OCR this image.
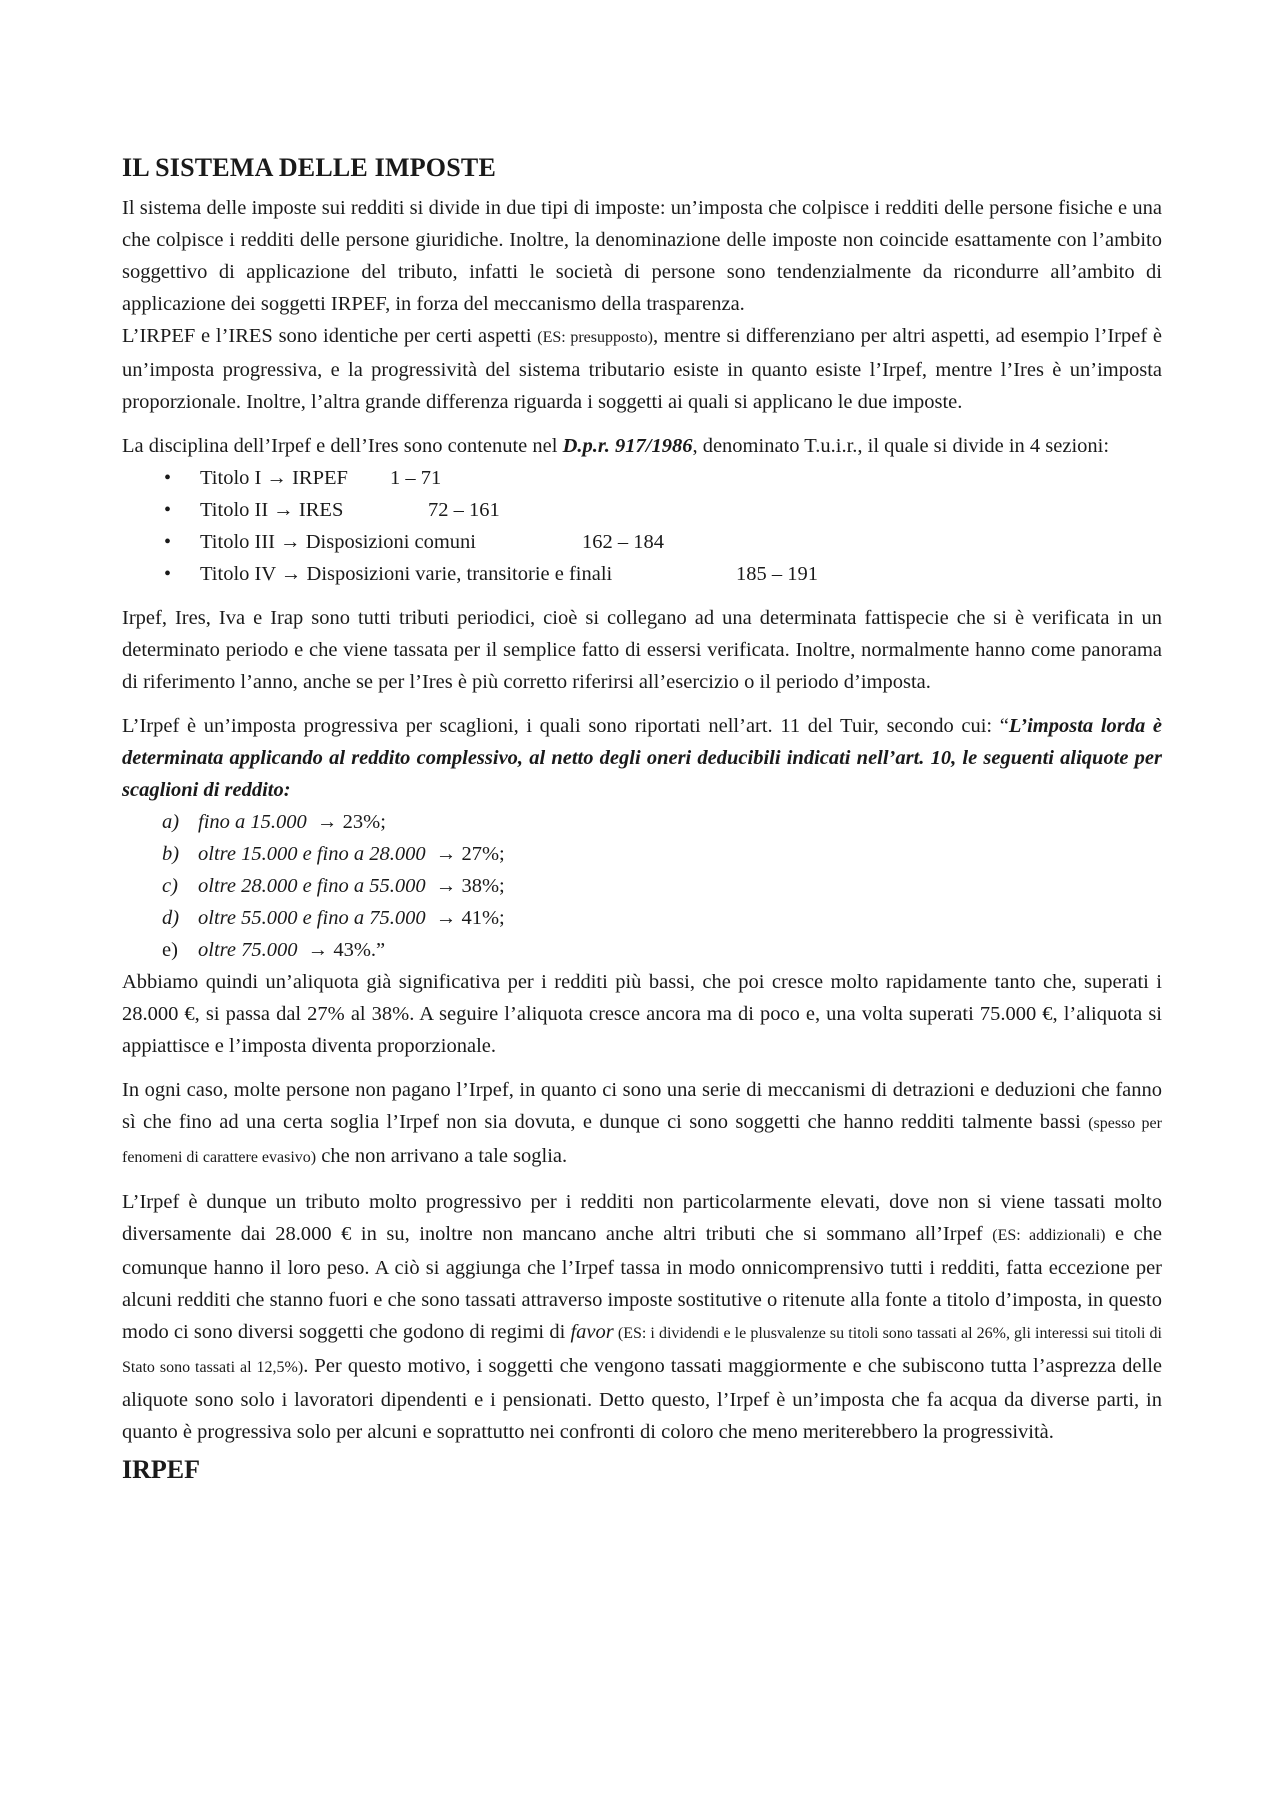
IL SISTEMA DELLE IMPOSTE

Il sistema delle imposte sui redditi si divide in due tipi di imposte: un’imposta che colpisce i redditi delle persone fisiche e una che colpisce i redditi delle persone giuridiche. Inoltre, la denominazione delle imposte non coincide esattamente con l’ambito soggettivo di applicazione del tributo, infatti le società di persone sono tendenzialmente da ricondurre all’ambito di applicazione dei soggetti IRPEF, in forza del meccanismo della trasparenza.

L’IRPEF e l’IRES sono identiche per certi aspetti (ES: presupposto), mentre si differenziano per altri aspetti, ad esempio l’Irpef è un’imposta progressiva, e la progressività del sistema tributario esiste in quanto esiste l’Irpef, mentre l’Ires è un’imposta proporzionale. Inoltre, l’altra grande differenza riguarda i soggetti ai quali si applicano le due imposte.

La disciplina dell’Irpef e dell’Ires sono contenute nel D.p.r. 917/1986, denominato T.u.i.r., il quale si divide in 4 sezioni:

• Titolo I → IRPEF 1 – 71
• Titolo II → IRES	72 – 161
• Titolo III → Disposizioni comuni	162 – 184
• Titolo IV → Disposizioni varie, transitorie e finali	185 – 191

Irpef, Ires, Iva e Irap sono tutti tributi periodici, cioè si collegano ad una determinata fattispecie che si è verificata in un determinato periodo e che viene tassata per il semplice fatto di essersi verificata. Inoltre, normalmente hanno come panorama di riferimento l’anno, anche se per l’Ires è più corretto riferirsi all’esercizio o il periodo d’imposta.

L’Irpef è un’imposta progressiva per scaglioni, i quali sono riportati nell’art. 11 del Tuir, secondo cui: “L’imposta lorda è determinata applicando al reddito complessivo, al netto degli oneri deducibili indicati nell’art. 10, le seguenti aliquote per scaglioni di reddito:

a) fino a 15.000 → 23%;
b) oltre 15.000 e fino a 28.000 → 27%;
c) oltre 28.000 e fino a 55.000 → 38%;
d) oltre 55.000 e fino a 75.000 → 41%;
e) oltre 75.000 → 43%.”

Abbiamo quindi un’aliquota già significativa per i redditi più bassi, che poi cresce molto rapidamente tanto che, superati i 28.000 €, si passa dal 27% al 38%. A seguire l’aliquota cresce ancora ma di poco e, una volta superati 75.000 €, l’aliquota si appiattisce e l’imposta diventa proporzionale.

In ogni caso, molte persone non pagano l’Irpef, in quanto ci sono una serie di meccanismi di detrazioni e deduzioni che fanno sì che fino ad una certa soglia l’Irpef non sia dovuta, e dunque ci sono soggetti che hanno redditi talmente bassi (spesso per fenomeni di carattere evasivo) che non arrivano a tale soglia.

L’Irpef è dunque un tributo molto progressivo per i redditi non particolarmente elevati, dove non si viene tassati molto diversamente dai 28.000 € in su, inoltre non mancano anche altri tributi che si sommano all’Irpef (ES: addizionali) e che comunque hanno il loro peso. A ciò si aggiunga che l’Irpef tassa in modo onnicomprensivo tutti i redditi, fatta eccezione per alcuni redditi che stanno fuori e che sono tassati attraverso imposte sostitutive o ritenute alla fonte a titolo d’imposta, in questo modo ci sono diversi soggetti che godono di regimi di favor (ES: i dividendi e le plusvalenze su titoli sono tassati al 26%, gli interessi sui titoli di Stato sono tassati al 12,5%). Per questo motivo, i soggetti che vengono tassati maggiormente e che subiscono tutta l’asprezza delle aliquote sono solo i lavoratori dipendenti e i pensionati. Detto questo, l’Irpef è un’imposta che fa acqua da diverse parti, in quanto è progressiva solo per alcuni e soprattutto nei confronti di coloro che meno meriterebbero la progressività.

IRPEF
